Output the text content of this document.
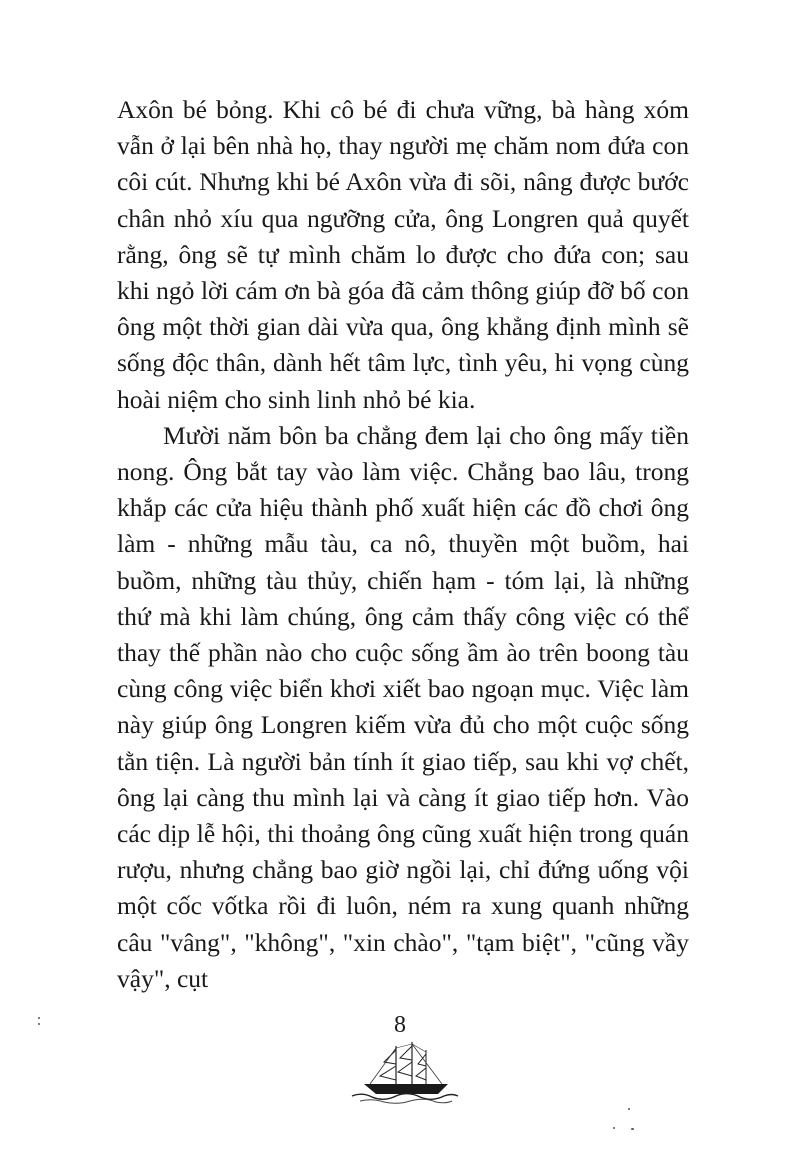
Axôn bé bỏng. Khi cô bé đi chưa vững, bà hàng xóm vẫn ở lại bên nhà họ, thay người mẹ chăm nom đứa con côi cút. Nhưng khi bé Axôn vừa đi sõi, nâng được bước chân nhỏ xíu qua ngưỡng cửa, ông Longren quả quyết rằng, ông sẽ tự mình chăm lo được cho đứa con; sau khi ngỏ lời cám ơn bà góa đã cảm thông giúp đỡ bố con ông một thời gian dài vừa qua, ông khẳng định mình sẽ sống độc thân, dành hết tâm lực, tình yêu, hi vọng cùng hoài niệm cho sinh linh nhỏ bé kia.

Mười năm bôn ba chẳng đem lại cho ông mấy tiền nong. Ông bắt tay vào làm việc. Chẳng bao lâu, trong khắp các cửa hiệu thành phố xuất hiện các đồ chơi ông làm - những mẫu tàu, ca nô, thuyền một buồm, hai buồm, những tàu thủy, chiến hạm - tóm lại, là những thứ mà khi làm chúng, ông cảm thấy công việc có thể thay thế phần nào cho cuộc sống ầm ào trên boong tàu cùng công việc biển khơi xiết bao ngoạn mục. Việc làm này giúp ông Longren kiếm vừa đủ cho một cuộc sống tằn tiện. Là người bản tính ít giao tiếp, sau khi vợ chết, ông lại càng thu mình lại và càng ít giao tiếp hơn. Vào các dịp lễ hội, thi thoảng ông cũng xuất hiện trong quán rượu, nhưng chẳng bao giờ ngồi lại, chỉ đứng uống vội một cốc vốtka rồi đi luôn, ném ra xung quanh những câu "vâng", "không", "xin chào", "tạm biệt", "cũng vầy vậy", cụt

8
